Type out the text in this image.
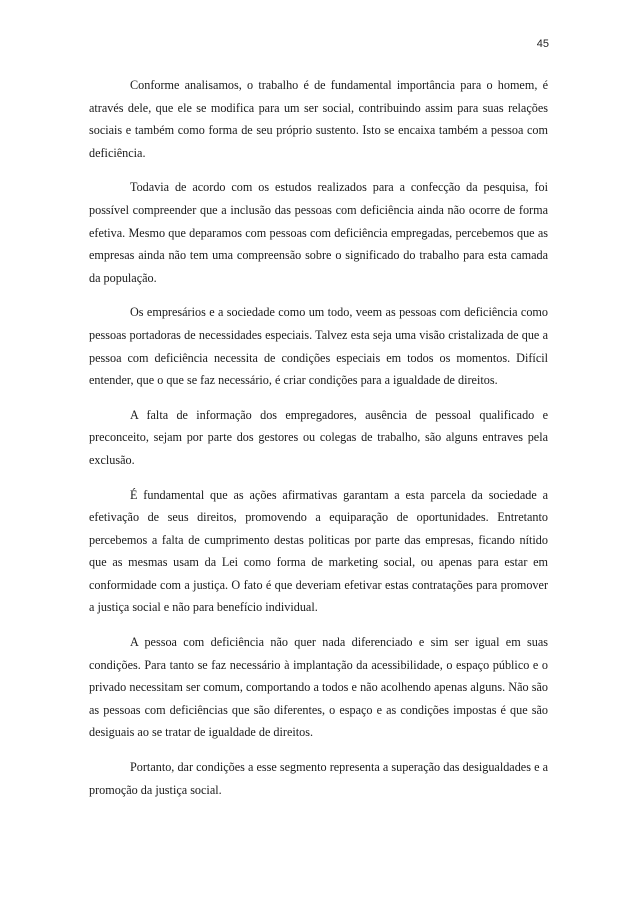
45

Conforme analisamos, o trabalho é de fundamental importância para o homem, é através dele, que ele se modifica para um ser social, contribuindo assim para suas relações sociais e também como forma de seu próprio sustento. Isto se encaixa também a pessoa com deficiência.

Todavia de acordo com os estudos realizados para a confecção da pesquisa, foi possível compreender que a inclusão das pessoas com deficiência ainda não ocorre de forma efetiva. Mesmo que deparamos com pessoas com deficiência empregadas, percebemos que as empresas ainda não tem uma compreensão sobre o significado do trabalho para esta camada da população.

Os empresários e a sociedade como um todo, veem as pessoas com deficiência como pessoas portadoras de necessidades especiais. Talvez esta seja uma visão cristalizada de que a pessoa com deficiência necessita de condições especiais em todos os momentos. Difícil entender, que o que se faz necessário, é criar condições para a igualdade de direitos.

A falta de informação dos empregadores, ausência de pessoal qualificado e preconceito, sejam por parte dos gestores ou colegas de trabalho, são alguns entraves pela exclusão.

É fundamental que as ações afirmativas garantam a esta parcela da sociedade a efetivação de seus direitos, promovendo a equiparação de oportunidades. Entretanto percebemos a falta de cumprimento destas politicas por parte das empresas, ficando nítido que as mesmas usam da Lei como forma de marketing social, ou apenas para estar em conformidade com a justiça. O fato é que deveriam efetivar estas contratações para promover a justiça social e não para benefício individual.

A pessoa com deficiência não quer nada diferenciado e sim ser igual em suas condições. Para tanto se faz necessário à implantação da acessibilidade, o espaço público e o privado necessitam ser comum, comportando a todos e não acolhendo apenas alguns. Não são as pessoas com deficiências que são diferentes, o espaço e as condições impostas é que são desiguais ao se tratar de igualdade de direitos.

Portanto, dar condições a esse segmento representa a superação das desigualdades e a promoção da justiça social.
